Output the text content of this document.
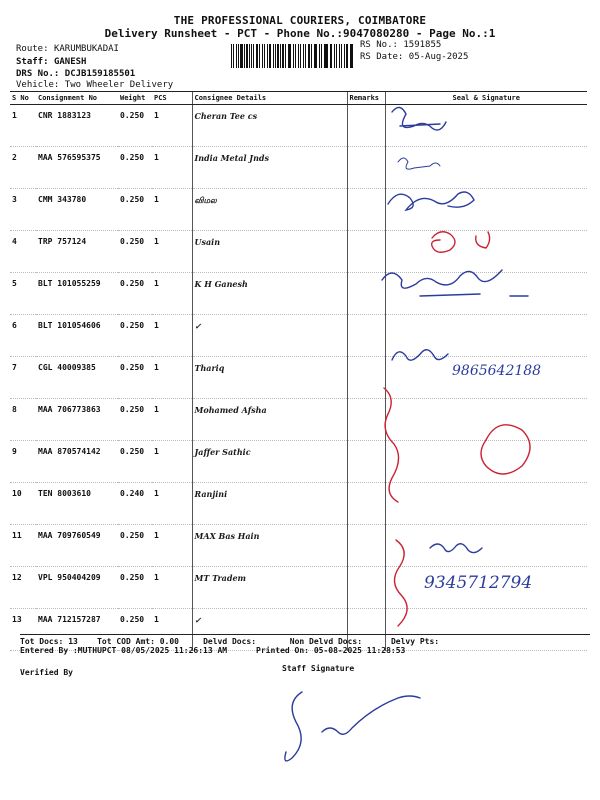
THE PROFESSIONAL COURIERS, COIMBATORE
Delivery Runsheet - PCT - Phone No.:9047080280 - Page No.:1
Route: KARUMBUKADAI
Staff: GANESH
DRS No.: DCJB159185501
Vehicle: Two Wheeler Delivery
RS No.: 1591855
RS Date: 05-Aug-2025
S No	Consignment No	Weight	PCS	Consignee Details	Remarks	Seal & Signature
1	CNR 1883123	0.250	1	Cheran Tee cs		
2	MAA 576595375	0.250	1	India Metal Jnds		
3	CMM 343780	0.250	1	விமல		
4	TRP 757124	0.250	1	Usain		
5	BLT 101055259	0.250	1	K H Ganesh		
6	BLT 101054606	0.250	1	✓		
7	CGL 40009385	0.250	1	Thariq		
8	MAA 706773863	0.250	1	Mohamed Afsha		
9	MAA 870574142	0.250	1	Jaffer Sathic		
10	TEN 8003610	0.240	1	Ranjini		
11	MAA 709760549	0.250	1	MAX Bas Hain		
12	VPL 950404209	0.250	1	MT Tradem		
13	MAA 712157287	0.250	1	✓		
9865642188
9345712794
Tot Docs: 13 Tot COD Amt: 0.00	Delvd Docs:	Non Delvd Docs:	Delvy Pts:
Entered By :MUTHUPCT 08/05/2025 11:26:13 AM	Printed On: 05-08-2025 11:28:53
Verified By	Staff Signature
